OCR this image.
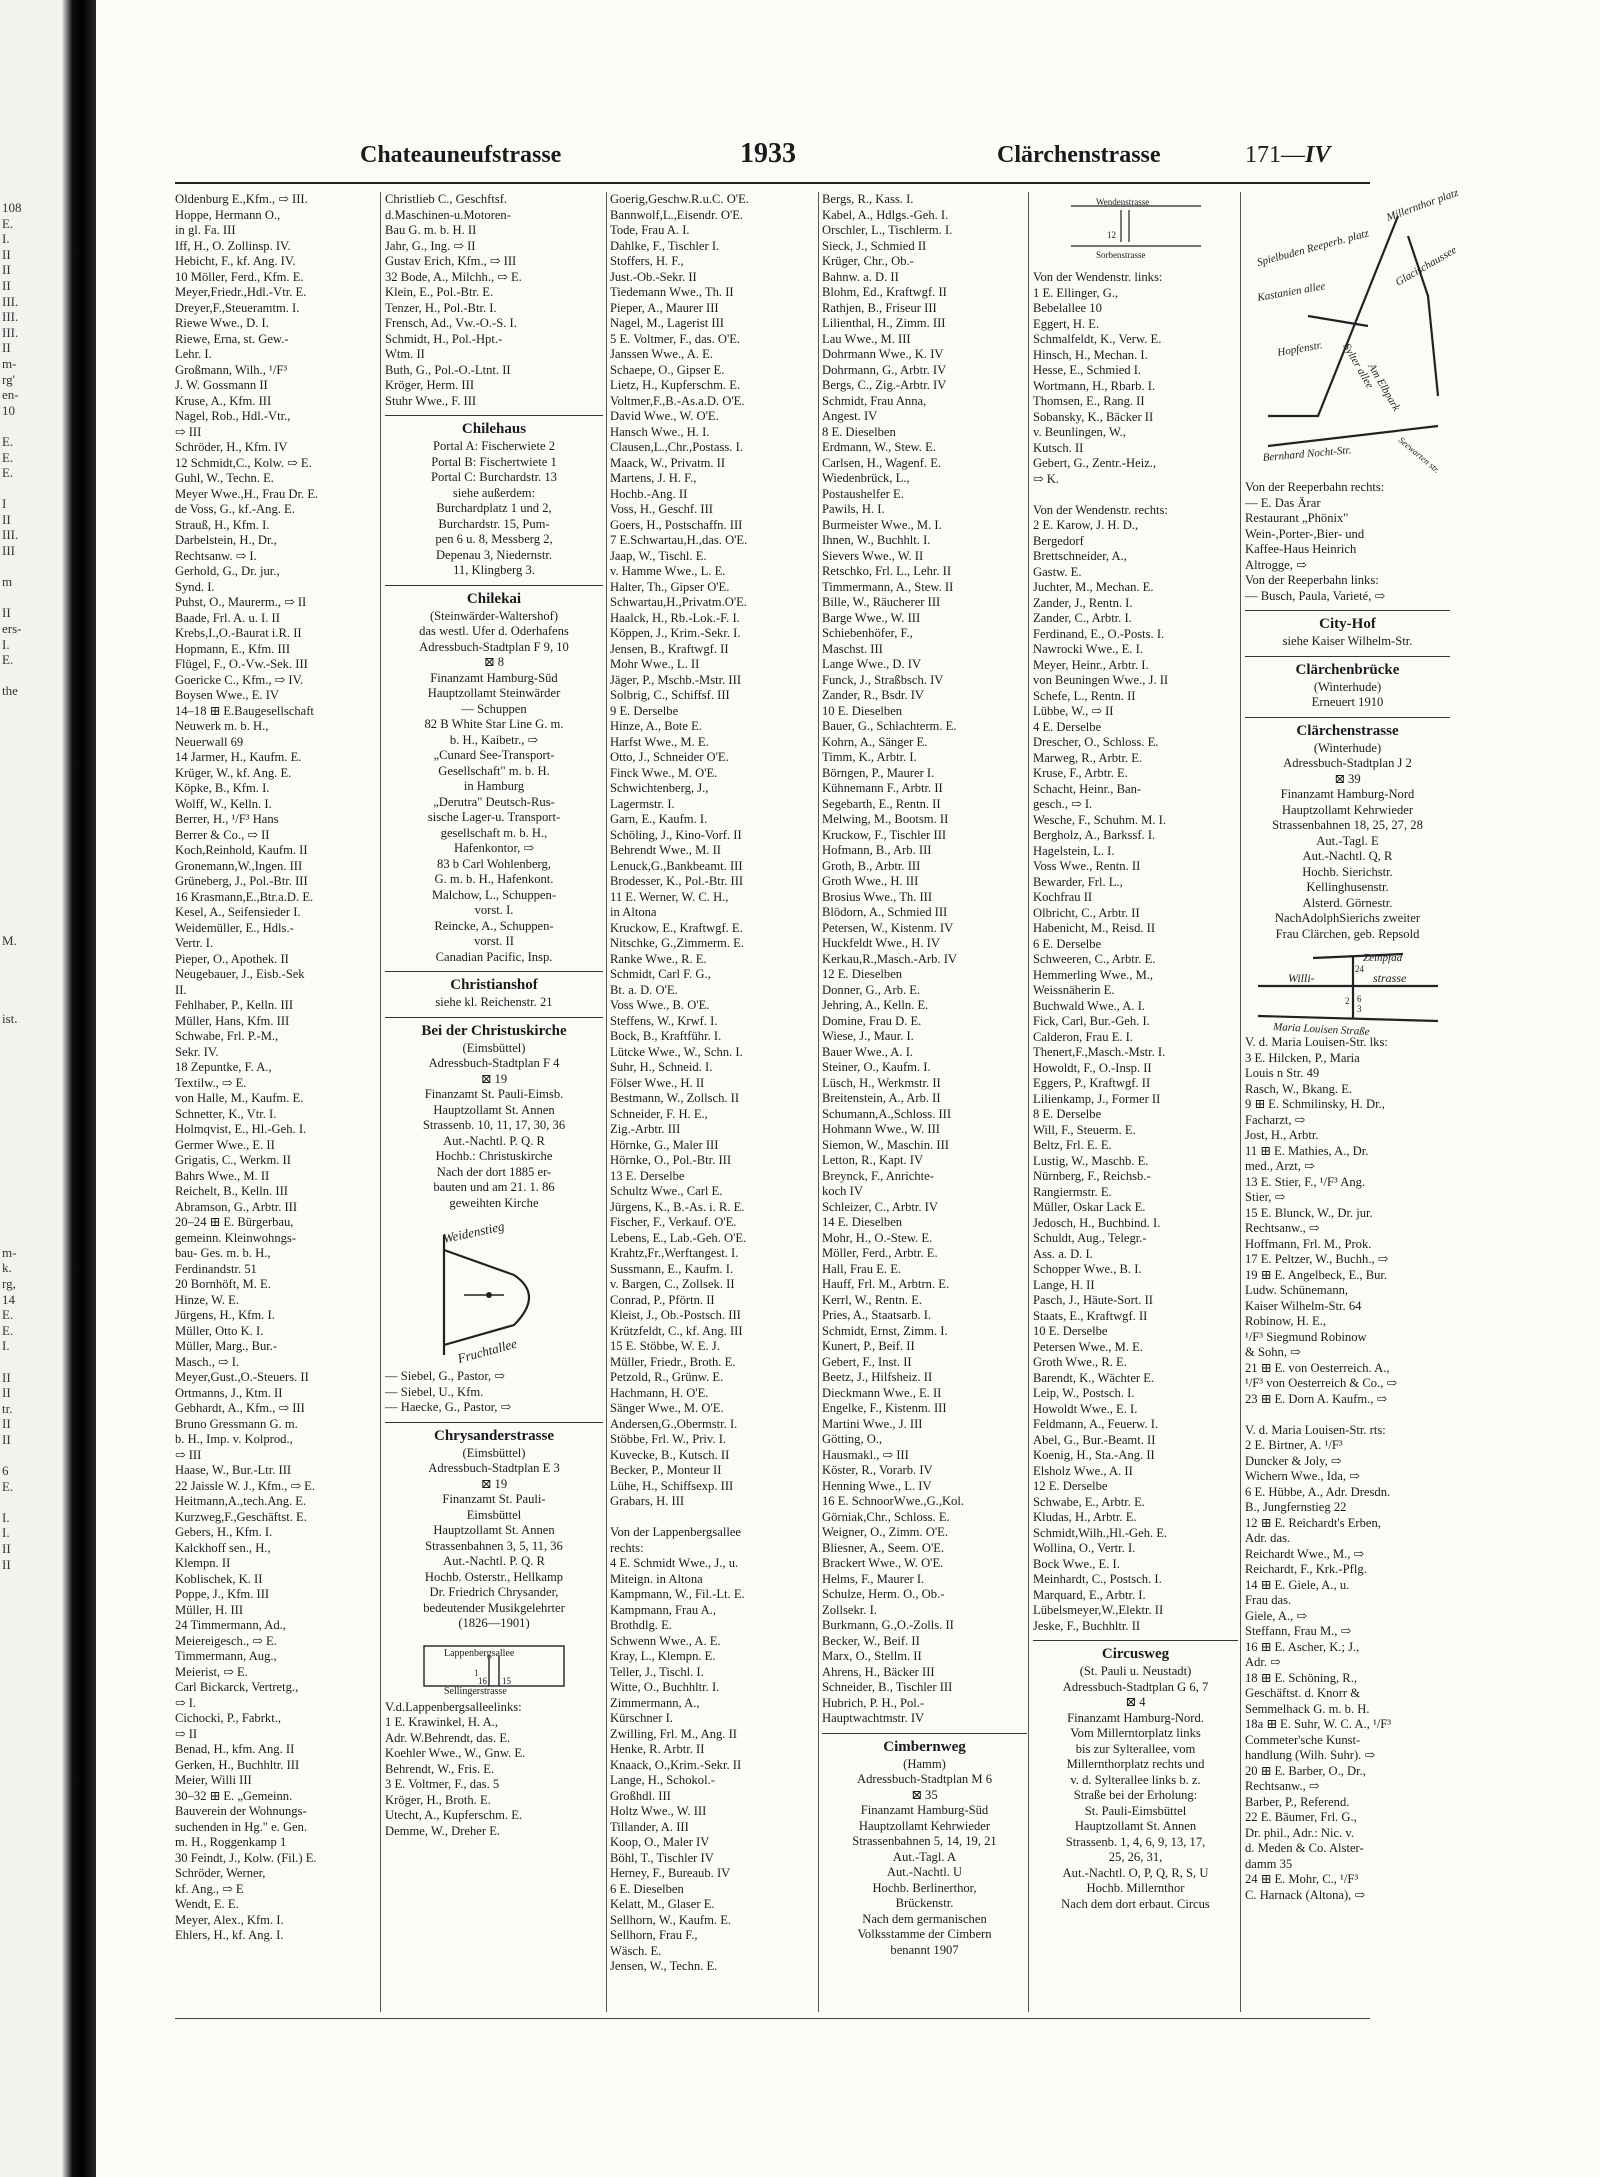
108
E.
I.
II
II
II
III.
III.
III.
II
m-
rg'
en-
10

E.
E.
E.

I
II
III.
III

m

II
ers-
I.
E.

the

M.

ist.

m-
k.
rg,
14
E.
E.
I.

II
II
tr.
II
II

6
E.

I.
I.
II
II
Chateauneufstrasse	1933	Clärchenstrasse	171—IV
Oldenburg E.,Kfm., ⇨ III.
Hoppe, Hermann O.,
in gl. Fa. III
Iff, H., O. Zollinsp. IV.
Hebicht, F., kf. Ang. IV.
10 Möller, Ferd., Kfm. E.
Meyer,Friedr.,Hdl.-Vtr. E.
Dreyer,F.,Steueramtm. I.
Riewe Wwe., D. I.
Riewe, Erna, st. Gew.-
Lehr. I.
Großmann, Wilh., ¹/F³
J. W. Gossmann II
Kruse, A., Kfm. III
Nagel, Rob., Hdl.-Vtr.,
⇨ III
Schröder, H., Kfm. IV
12 Schmidt,C., Kolw. ⇨ E.
Guhl, W., Techn. E.
Meyer Wwe.,H., Frau Dr. E.
de Voss, G., kf.-Ang. E.
Strauß, H., Kfm. I.
Darbelstein, H., Dr.,
Rechtsanw. ⇨ I.
Gerhold, G., Dr. jur.,
Synd. I.
Puhst, O., Maurerm., ⇨ II
Baade, Frl. A. u. I. II
Krebs,I.,O.-Baurat i.R. II
Hopmann, E., Kfm. III
Flügel, F., O.-Vw.-Sek. III
Goericke C., Kfm., ⇨ IV.
Boysen Wwe., E. IV
14–18 ⊞ E.Baugesellschaft
Neuwerk m. b. H.,
Neuerwall 69
14 Jarmer, H., Kaufm. E.
Krüger, W., kf. Ang. E.
Köpke, B., Kfm. I.
Wolff, W., Kelln. I.
Berrer, H., ¹/F³ Hans
Berrer & Co., ⇨ II
Koch,Reinhold, Kaufm. II
Gronemann,W.,Ingen. III
Grüneberg, J., Pol.-Btr. III
16 Krasmann,E.,Btr.a.D. E.
Kesel, A., Seifensieder I.
Weidemüller, E., Hdls.-
Vertr. I.
Pieper, O., Apothek. II
Neugebauer, J., Eisb.-Sek
II.
Fehlhaber, P., Kelln. III
Müller, Hans, Kfm. III
Schwabe, Frl. P.-M.,
Sekr. IV.
18 Zepuntke, F. A.,
Textilw., ⇨ E.
von Halle, M., Kaufm. E.
Schnetter, K., Vtr. I.
Holmqvist, E., Hl.-Geh. I.
Germer Wwe., E. II
Grigatis, C., Werkm. II
Bahrs Wwe., M. II
Reichelt, B., Kelln. III
Abramson, G., Arbtr. III
20–24 ⊞ E. Bürgerbau,
gemeinn. Kleinwohngs-
bau- Ges. m. b. H.,
Ferdinandstr. 51
20 Bornhöft, M. E.
Hinze, W. E.
Jürgens, H., Kfm. I.
Müller, Otto K. I.
Müller, Marg., Bur.-
Masch., ⇨ I.
Meyer,Gust.,O.-Steuers. II
Ortmanns, J., Ktm. II
Gebhardt, A., Kfm., ⇨ III
Bruno Gressmann G. m.
b. H., Imp. v. Kolprod.,
⇨ III
Haase, W., Bur.-Ltr. III
22 Jaissle W. J., Kfm., ⇨ E.
Heitmann,A.,tech.Ang. E.
Kurzweg,F.,Geschäftst. E.
Gebers, H., Kfm. I.
Kalckhoff sen., H.,
Klempn. II
Koblischek, K. II
Poppe, J., Kfm. III
Müller, H. III
24 Timmermann, Ad.,
Meiereigesch., ⇨ E.
Timmermann, Aug.,
Meierist, ⇨ E.
Carl Bickarck, Vertretg.,
⇨ I.
Cichocki, P., Fabrkt.,
⇨ II
Benad, H., kfm. Ang. II
Gerken, H., Buchhltr. III
Meier, Willi III
30–32 ⊞ E. „Gemeinn.
Bauverein der Wohnungs-
suchenden in Hg." e. Gen.
m. H., Roggenkamp 1
30 Feindt, J., Kolw. (Fil.) E.
Schröder, Werner,
kf. Ang., ⇨ E
Wendt, E. E.
Meyer, Alex., Kfm. I.
Ehlers, H., kf. Ang. I.
Christlieb C., Geschftsf.
d.Maschinen-u.Motoren-
Bau G. m. b. H. II
Jahr, G., Ing. ⇨ II
Gustav Erich, Kfm., ⇨ III
32 Bode, A., Milchh., ⇨ E.
Klein, E., Pol.-Btr. E.
Tenzer, H., Pol.-Btr. I.
Frensch, Ad., Vw.-O.-S. I.
Schmidt, H., Pol.-Hpt.-
Wtm. II
Buth, G., Pol.-O.-Ltnt. II
Kröger, Herm. III
Stuhr Wwe., F. III
Chilehaus
Portal A: Fischerwiete 2
Portal B: Fischertwiete 1
Portal C: Burchardstr. 13
siehe außerdem:
Burchardplatz 1 und 2,
Burchardstr. 15, Pum-
pen 6 u. 8, Messberg 2,
Depenau 3, Niedernstr.
11, Klingberg 3.
Chilekai
(Steinwärder-Waltershof)
das westl. Ufer d. Oderhafens
Adressbuch-Stadtplan F 9, 10
⊠ 8
Finanzamt Hamburg-Süd
Hauptzollamt Steinwärder
— Schuppen
82 B White Star Line G. m.
b. H., Kaibetr., ⇨
„Cunard See-Transport-
Gesellschaft" m. b. H.
in Hamburg
„Derutra" Deutsch-Rus-
sische Lager-u. Transport-
gesellschaft m. b. H.,
Hafenkontor, ⇨
83 b Carl Wohlenberg,
G. m. b. H., Hafenkont.
Malchow, L., Schuppen-
vorst. I.
Reincke, A., Schuppen-
vorst. II
Canadian Pacific, Insp.
Christianshof
siehe kl. Reichenstr. 21
Bei der Christuskirche
(Eimsbüttel)
Adressbuch-Stadtplan F 4
⊠ 19
Finanzamt St. Pauli-Eimsb.
Hauptzollamt St. Annen
Strassenb. 10, 11, 17, 30, 36
Aut.-Nachtl. P. Q. R
Hochb.: Christuskirche
Nach der dort 1885 er-
bauten und am 21. 1. 86
geweihten Kirche
Weidenstieg
Fruchtallee
— Siebel, G., Pastor, ⇨
— Siebel, U., Kfm.
— Haecke, G., Pastor, ⇨
Chrysanderstrasse
(Eimsbüttel)
Adressbuch-Stadtplan E 3
⊠ 19
Finanzamt St. Pauli-
Eimsbüttel
Hauptzollamt St. Annen
Strassenbahnen 3, 5, 11, 36
Aut.-Nachtl. P. Q. R
Hochb. Osterstr., Hellkamp
Dr. Friedrich Chrysander,
bedeutender Musikgelehrter
(1826—1901)
Lappenbergsallee
Sellingerstrasse
1
16 15
V.d.Lappenbergsalleelinks:
1 E. Krawinkel, H. A.,
Adr. W.Behrendt, das. E.
Koehler Wwe., W., Gnw. E.
Behrendt, W., Fris. E.
3 E. Voltmer, F., das. 5
Kröger, H., Broth. E.
Utecht, A., Kupferschm. E.
Demme, W., Dreher E.
Goerig,Geschw.R.u.C. O'E.
Bannwolf,L.,Eisendr. O'E.
Tode, Frau A. I.
Dahlke, F., Tischler I.
Stoffers, H. F.,
Just.-Ob.-Sekr. II
Tiedemann Wwe., Th. II
Pieper, A., Maurer III
Nagel, M., Lagerist III
5 E. Voltmer, F., das. O'E.
Janssen Wwe., A. E.
Schaepe, O., Gipser E.
Lietz, H., Kupferschm. E.
Voltmer,F.,B.-As.a.D. O'E.
David Wwe., W. O'E.
Hansch Wwe., H. I.
Clausen,L.,Chr.,Postass. I.
Maack, W., Privatm. II
Martens, J. H. F.,
Hochb.-Ang. II
Voss, H., Geschf. III
Goers, H., Postschaffn. III
7 E.Schwartau,H.,das. O'E.
Jaap, W., Tischl. E.
v. Hamme Wwe., L. E.
Halter, Th., Gipser O'E.
Schwartau,H.,Privatm.O'E.
Haalck, H., Rb.-Lok.-F. I.
Köppen, J., Krim.-Sekr. I.
Jensen, B., Kraftwgf. II
Mohr Wwe., L. II
Jäger, P., Mschb.-Mstr. III
Solbrig, C., Schiffsf. III
9 E. Derselbe
Hinze, A., Bote E.
Harfst Wwe., M. E.
Otto, J., Schneider O'E.
Finck Wwe., M. O'E.
Schwichtenberg, J.,
Lagermstr. I.
Garn, E., Kaufm. I.
Schöling, J., Kino-Vorf. II
Behrendt Wwe., M. II
Lenuck,G.,Bankbeamt. III
Brodesser, K., Pol.-Btr. III
11 E. Werner, W. C. H.,
in Altona
Kruckow, E., Kraftwgf. E.
Nitschke, G.,Zimmerm. E.
Ranke Wwe., R. E.
Schmidt, Carl F. G.,
Bt. a. D. O'E.
Voss Wwe., B. O'E.
Steffens, W., Krwf. I.
Bock, B., Kraftführ. I.
Lütcke Wwe., W., Schn. I.
Suhr, H., Schneid. I.
Fölser Wwe., H. II
Bestmann, W., Zollsch. II
Schneider, F. H. E.,
Zig.-Arbtr. III
Hörnke, G., Maler III
Hörnke, O., Pol.-Btr. III
13 E. Derselbe
Schultz Wwe., Carl E.
Jürgens, K., B.-As. i. R. E.
Fischer, F., Verkauf. O'E.
Lebens, E., Lab.-Geh. O'E.
Krahtz,Fr.,Werftangest. I.
Sussmann, E., Kaufm. I.
v. Bargen, C., Zollsek. II
Conrad, P., Pförtn. II
Kleist, J., Ob.-Postsch. III
Krützfeldt, C., kf. Ang. III
15 E. Stöbbe, W. E. J.
Müller, Friedr., Broth. E.
Petzold, R., Grünw. E.
Hachmann, H. O'E.
Sänger Wwe., M. O'E.
Andersen,G.,Obermstr. I.
Stöbbe, Frl. W., Priv. I.
Kuvecke, B., Kutsch. II
Becker, P., Monteur II
Lühe, H., Schiffsexp. III
Grabars, H. III

Von der Lappenbergsallee
rechts:
4 E. Schmidt Wwe., J., u.
Miteign. in Altona
Kampmann, W., Fil.-Lt. E.
Kampmann, Frau A.,
Brothdlg. E.
Schwenn Wwe., A. E.
Kray, L., Klempn. E.
Teller, J., Tischl. I.
Witte, O., Buchhltr. I.
Zimmermann, A.,
Kürschner I.
Zwilling, Frl. M., Ang. II
Henke, R. Arbtr. II
Knaack, O.,Krim.-Sekr. II
Lange, H., Schokol.-
Großhdl. III
Holtz Wwe., W. III
Tillander, A. III
Koop, O., Maler IV
Böhl, T., Tischler IV
Herney, F., Bureaub. IV
6 E. Dieselben
Kelatt, M., Glaser E.
Sellhorn, W., Kaufm. E.
Sellhorn, Frau F.,
Wäsch. E.
Jensen, W., Techn. E.
Bergs, R., Kass. I.
Kabel, A., Hdlgs.-Geh. I.
Orschler, L., Tischlerm. I.
Sieck, J., Schmied II
Krüger, Chr., Ob.-
Bahnw. a. D. II
Blohm, Ed., Kraftwgf. II
Rathjen, B., Friseur III
Lilienthal, H., Zimm. III
Lau Wwe., M. III
Dohrmann Wwe., K. IV
Dohrmann, G., Arbtr. IV
Bergs, C., Zig.-Arbtr. IV
Schmidt, Frau Anna,
Angest. IV
8 E. Dieselben
Erdmann, W., Stew. E.
Carlsen, H., Wagenf. E.
Wiedenbrück, L.,
Postaushelfer E.
Pawils, H. I.
Burmeister Wwe., M. I.
Ihnen, W., Buchhlt. I.
Sievers Wwe., W. II
Retschko, Frl. L., Lehr. II
Timmermann, A., Stew. II
Bille, W., Räucherer III
Barge Wwe., W. III
Schiebenhöfer, F.,
Maschst. III
Lange Wwe., D. IV
Funck, J., Straßbsch. IV
Zander, R., Bsdr. IV
10 E. Dieselben
Bauer, G., Schlachterm. E.
Kohrn, A., Sänger E.
Timm, K., Arbtr. I.
Börngen, P., Maurer I.
Kühnemann F., Arbtr. II
Segebarth, E., Rentn. II
Melwing, M., Bootsm. II
Kruckow, F., Tischler III
Hofmann, B., Arb. III
Groth, B., Arbtr. III
Groth Wwe., H. III
Brosius Wwe., Th. III
Blödorn, A., Schmied III
Petersen, W., Kistenm. IV
Huckfeldt Wwe., H. IV
Kerkau,R.,Masch.-Arb. IV
12 E. Dieselben
Donner, G., Arb. E.
Jehring, A., Kelln. E.
Domine, Frau D. E.
Wiese, J., Maur. I.
Bauer Wwe., A. I.
Steiner, O., Kaufm. I.
Lüsch, H., Werkmstr. II
Breitenstein, A., Arb. II
Schumann,A.,Schloss. III
Hohmann Wwe., W. III
Siemon, W., Maschin. III
Letton, R., Kapt. IV
Breynck, F., Anrichte-
koch IV
Schleizer, C., Arbtr. IV
14 E. Dieselben
Mohr, H., O.-Stew. E.
Möller, Ferd., Arbtr. E.
Hall, Frau E. E.
Hauff, Frl. M., Arbtrn. E.
Kerrl, W., Rentn. E.
Pries, A., Staatsarb. I.
Schmidt, Ernst, Zimm. I.
Kunert, P., Beif. II
Gebert, F., Inst. II
Beetz, J., Hilfsheiz. II
Dieckmann Wwe., E. II
Engelke, F., Kistenm. III
Martini Wwe., J. III
Götting, O.,
Hausmakl., ⇨ III
Köster, R., Vorarb. IV
Henning Wwe., L. IV
16 E. SchnoorWwe.,G.,Kol.
Görniak,Chr., Schloss. E.
Weigner, O., Zimm. O'E.
Bliesner, A., Seem. O'E.
Brackert Wwe., W. O'E.
Helms, F., Maurer I.
Schulze, Herm. O., Ob.-
Zollsekr. I.
Burkmann, G.,O.-Zolls. II
Becker, W., Beif. II
Marx, O., Stellm. II
Ahrens, H., Bäcker III
Schneider, B., Tischler III
Hubrich, P. H., Pol.-
Hauptwachtmstr. IV
Cimbernweg
(Hamm)
Adressbuch-Stadtplan M 6
⊠ 35
Finanzamt Hamburg-Süd
Hauptzollamt Kehrwieder
Strassenbahnen 5, 14, 19, 21
Aut.-Tagl. A
Aut.-Nachtl. U
Hochb. Berlinerthor,
Brückenstr.
Nach dem germanischen
Volksstamme der Cimbern
benannt 1907
Wendenstrasse
Sorbenstrasse
12
Von der Wendenstr. links:
1 E. Ellinger, G.,
Bebelallee 10
Eggert, H. E.
Schmalfeldt, K., Verw. E.
Hinsch, H., Mechan. I.
Hesse, E., Schmied I.
Wortmann, H., Rbarb. I.
Thomsen, E., Rang. II
Sobansky, K., Bäcker II
v. Beunlingen, W.,
Kutsch. II
Gebert, G., Zentr.-Heiz.,
⇨ K.

Von der Wendenstr. rechts:
2 E. Karow, J. H. D.,
Bergedorf
Brettschneider, A.,
Gastw. E.
Juchter, M., Mechan. E.
Zander, J., Rentn. I.
Zander, C., Arbtr. I.
Ferdinand, E., O.-Posts. I.
Nawrocki Wwe., E. I.
Meyer, Heinr., Arbtr. I.
von Beuningen Wwe., J. II
Schefe, L., Rentn. II
Lübbe, W., ⇨ II
4 E. Derselbe
Drescher, O., Schloss. E.
Marweg, R., Arbtr. E.
Kruse, F., Arbtr. E.
Schacht, Heinr., Ban-
gesch., ⇨ I.
Wesche, F., Schuhm. M. I.
Bergholz, A., Barkssf. I.
Hagelstein, L. I.
Voss Wwe., Rentn. II
Bewarder, Frl. L.,
Kochfrau II
Olbricht, C., Arbtr. II
Habenicht, M., Reisd. II
6 E. Derselbe
Schweeren, C., Arbtr. E.
Hemmerling Wwe., M.,
Weissnäherin E.
Buchwald Wwe., A. I.
Fick, Carl, Bur.-Geh. I.
Calderon, Frau E. I.
Thenert,F.,Masch.-Mstr. I.
Howoldt, F., O.-Insp. II
Eggers, P., Kraftwgf. II
Lilienkamp, J., Former II
8 E. Derselbe
Will, F., Steuerm. E.
Beltz, Frl. E. E.
Lustig, W., Maschb. E.
Nürnberg, F., Reichsb.-
Rangiermstr. E.
Müller, Oskar Lack E.
Jedosch, H., Buchbind. I.
Schuldt, Aug., Telegr.-
Ass. a. D. I.
Schopper Wwe., B. I.
Lange, H. II
Pasch, J., Häute-Sort. II
Staats, E., Kraftwgf. II
10 E. Derselbe
Petersen Wwe., M. E.
Groth Wwe., R. E.
Barendt, K., Wächter E.
Leip, W., Postsch. I.
Howoldt Wwe., E. I.
Feldmann, A., Feuerw. I.
Abel, G., Bur.-Beamt. II
Koenig, H., Sta.-Ang. II
Elsholz Wwe., A. II
12 E. Derselbe
Schwabe, E., Arbtr. E.
Kludas, H., Arbtr. E.
Schmidt,Wilh.,Hl.-Geh. E.
Wollina, O., Vertr. I.
Bock Wwe., E. I.
Meinhardt, C., Postsch. I.
Marquard, E., Arbtr. I.
Lübelsmeyer,W.,Elektr. II
Jeske, F., Buchhltr. II
Circusweg
(St. Pauli u. Neustadt)
Adressbuch-Stadtplan G 6, 7
⊠ 4
Finanzamt Hamburg-Nord.
Vom Millerntorplatz links
bis zur Sylterallee, vom
Millernthorplatz rechts und
v. d. Sylterallee links b. z.
Straße bei der Erholung:
St. Pauli-Eimsbüttel
Hauptzollamt St. Annen
Strassenb. 1, 4, 6, 9, 13, 17,
25, 26, 31,
Aut.-Nachtl. O, P, Q, R, S, U
Hochb. Millernthor
Nach dem dort erbaut. Circus
Millernthor platz
Spielbuden Reeperb. platz Glacischaussee
Kastanien allee
Am Elbpark
Hopfenstr. Sylter allee
Bernhard Nocht-Str.	Seewarten str.
Von der Reeperbahn rechts:
— E. Das Ärar
Restaurant „Phönix"
Wein-,Porter-,Bier- und
Kaffee-Haus Heinrich
Altrogge, ⇨
Von der Reeperbahn links:
— Busch, Paula, Varieté, ⇨
City-Hof
siehe Kaiser Wilhelm-Str.
Clärchenbrücke
(Winterhude)
Erneuert 1910
Clärchenstrasse
(Winterhude)
Adressbuch-Stadtplan J 2
⊠ 39
Finanzamt Hamburg-Nord
Hauptzollamt Kehrwieder
Strassenbahnen 18, 25, 27, 28
Aut.-Tagl. E
Aut.-Nachtl. Q, R
Hochb. Sierichstr.
Kellinghusenstr.
Alsterd. Görnestr.
NachAdolphSierichs zweiter
Frau Clärchen, geb. Repsold
Zeinpfad
Willi-	strasse
Maria Louisen Straße
24
6
2
3
V. d. Maria Louisen-Str. lks:
3 E. Hilcken, P., Maria
Louis n Str. 49
Rasch, W., Bkang. E.
9 ⊞ E. Schmilinsky, H. Dr.,
Facharzt, ⇨
Jost, H., Arbtr.
11 ⊞ E. Mathies, A., Dr.
med., Arzt, ⇨
13 E. Stier, F., ¹/F³ Ang.
Stier, ⇨
15 E. Blunck, W., Dr. jur.
Rechtsanw., ⇨
Hoffmann, Frl. M., Prok.
17 E. Peltzer, W., Buchh., ⇨
19 ⊞ E. Angelbeck, E., Bur.
Ludw. Schünemann,
Kaiser Wilhelm-Str. 64
Robinow, H. E.,
¹/F³ Siegmund Robinow
& Sohn, ⇨
21 ⊞ E. von Oesterreich. A.,
¹/F³ von Oesterreich & Co., ⇨
23 ⊞ E. Dorn A. Kaufm., ⇨

V. d. Maria Louisen-Str. rts:
2 E. Birtner, A. ¹/F³
Duncker & Joly, ⇨
Wichern Wwe., Ida, ⇨
6 E. Hübbe, A., Adr. Dresdn.
B., Jungfernstieg 22
12 ⊞ E. Reichardt's Erben,
Adr. das.
Reichardt Wwe., M., ⇨
Reichardt, F., Krk.-Pflg.
14 ⊞ E. Giele, A., u.
Frau das.
Giele, A., ⇨
Steffann, Frau M., ⇨
16 ⊞ E. Ascher, K.; J.,
Adr. ⇨
18 ⊞ E. Schöning, R.,
Geschäftst. d. Knorr &
Semmelhack G. m. b. H.
18a ⊞ E. Suhr, W. C. A., ¹/F³
Commeter'sche Kunst-
handlung (Wilh. Suhr). ⇨
20 ⊞ E. Barber, O., Dr.,
Rechtsanw., ⇨
Barber, P., Referend.
22 E. Bäumer, Frl. G.,
Dr. phil., Adr.: Nic. v.
d. Meden & Co. Alster-
damm 35
24 ⊞ E. Mohr, C., ¹/F³
C. Harnack (Altona), ⇨
